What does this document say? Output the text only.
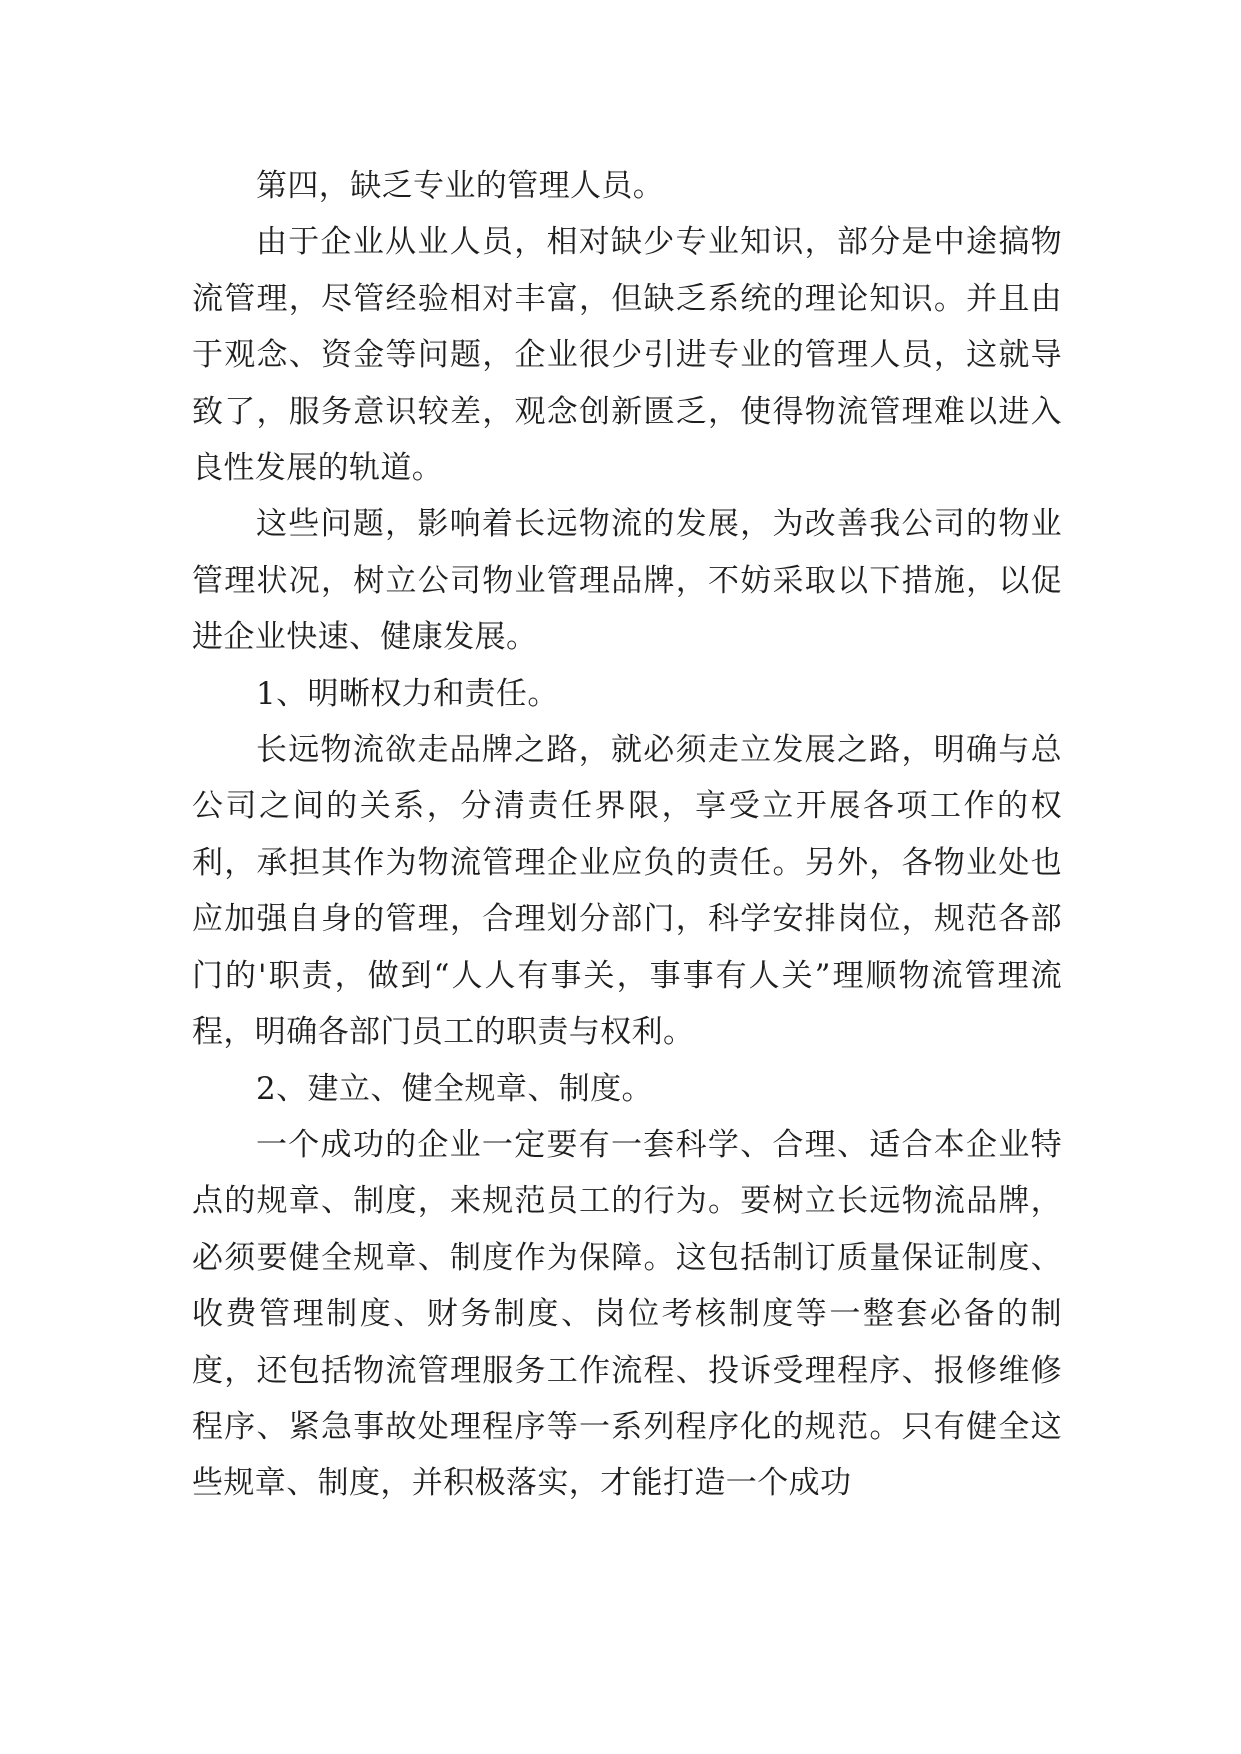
第四，缺乏专业的管理人员。

由于企业从业人员，相对缺少专业知识，部分是中途搞物流管理，尽管经验相对丰富，但缺乏系统的理论知识。并且由于观念、资金等问题，企业很少引进专业的管理人员，这就导致了，服务意识较差，观念创新匮乏，使得物流管理难以进入良性发展的轨道。

这些问题，影响着长远物流的发展，为改善我公司的物业管理状况，树立公司物业管理品牌，不妨采取以下措施，以促进企业快速、健康发展。

1、明晰权力和责任。

长远物流欲走品牌之路，就必须走立发展之路，明确与总公司之间的关系，分清责任界限，享受立开展各项工作的权利，承担其作为物流管理企业应负的责任。另外，各物业处也应加强自身的管理，合理划分部门，科学安排岗位，规范各部门的'职责，做到“人人有事关，事事有人关”理顺物流管理流程，明确各部门员工的职责与权利。

2、建立、健全规章、制度。

一个成功的企业一定要有一套科学、合理、适合本企业特点的规章、制度，来规范员工的行为。要树立长远物流品牌，必须要健全规章、制度作为保障。这包括制订质量保证制度、收费管理制度、财务制度、岗位考核制度等一整套必备的制度，还包括物流管理服务工作流程、投诉受理程序、报修维修程序、紧急事故处理程序等一系列程序化的规范。只有健全这些规章、制度，并积极落实，才能打造一个成功
